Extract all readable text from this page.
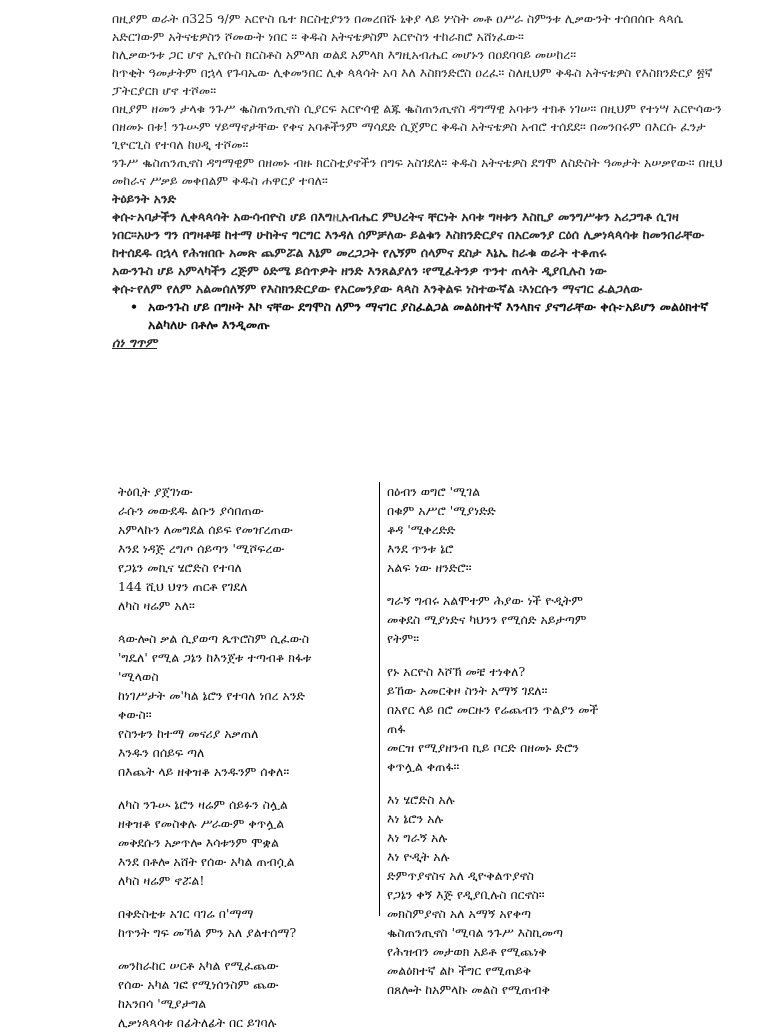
በዚያም ወራት በ325 ዓ/ም አርዮስ ቤተ ክርስቲያንን በመረበሹ ኒቅያ ላይ ሦስት መቶ ዐሥራ ስምንቱ ሊቃውንት ተሰበሰቡ ጳጳሴ አድርገውም አትናቴዎስን ሾመውት ነበር ። ቅዱስ አትናቴዎስም አርዮስን ተከራክሮ አሸነፈው።

ከሊቃውንቱ ጋር ሆኖ ኢየሱስ ክርስቶስ አምላክ ወልደ አምላክ እግዚአብሔር መሆኑን በዐደባባይ መሠከረ።

ከጥቂት ዓመታትም በኋላ የጉባኤው ሊቀመንበር ሊቀ ጳጳሳት አባ እለ እስክንድሮስ ዐረፈ። ስለዚህም ቅዱስ አትናቴዎስ የእስክንድርያ ፳ኛ ፓትርያርክ ሆኖ ተሾመ።

በዚያም ዘመን ታላቁ ንጉሥ ቈስጠንጢኖስ ሲያርፍ አርዮሳዊ ልጁ ቈስጠንጢኖስ ዳግማዊ አባቱን ተክቶ ነገሠ። በዚህም የተነሣ አርዮሳውን በዘመኑ በቱ! ንጉሡም ሃይማኖታቸው የቀና አባቶችንም ማሳደድ ሲጀምር ቅዱስ አትናቴዎስ አብሮ ተሰደደ። በመንበሩም በእርሱ ፈንታ ጊዮርጊስ የተባለ ከሀዲ ተሾመ።

ንጉሥ ቈስጠንጢኖስ ዳግማዊም በዘመኑ ብዙ ክርስቲያኖችን በግፍ አስገደለ። ቅዱስ አትናቴዎስ ደግሞ ለስድስት ዓመታት አሠቃየው። በዚህ መከራና ሥቃይ መቀበልም ቅዱስ ሐዋርያ ተባለ።

ትዕይንት አንድ

ቀሱ፦አባታችን ሊቀጳጳሳት አውሳብዮስ ሆይ በእግዚአብሔር ምህረትና ቸርነት አባቱ ግዛቱን እስኪያ መንግሥቱን አሪጋግቶ ሲገዛ ነበር።አሁን ግን በግዛቶቹ ከተማ ሁከትና ግርግር እንዳለ ሰምቻለው ይልቁን እስክንድርያና በአርመንያ ርዕሰ ሊቃነጳጳሳቱ ከመንበራቸው ከተሰደዱ በኋላ የሕዝበቡ አመጽ ጨምሯል እኔም መረጋጋት የሌኝም ሰላምና ደስታ እኔኤ ከራቁ ወራት ተቆጠሩ

አውንጉስ ሆይ አምላካችን ረጅም ዕድሜ ይሰጥዎት ዘንድ እንጸልያለን ፡የሚፈትንዎ ጥንተ ጠላት ዲያቢሉስ ነው

ቀሱ፦የለም የለም አልመሰለኝም የእስክንድርያው የአርመንያው ጳጳስ እንቅልፍ ነስተውኛል ፡እነርሱን ማናገር ፈልጋለው

• አውንጉስ ሆይ በግዞት እኮ ናቸው ደግሞስ ለምን ማናገር ያስፈልጋል መልዕክተኛ እንላክና ያናግራቸው ቀሱ፦አይሆን መልዕክተኛ አልካለሁ በቶሎ እንዲመጡ

ሰነ ግጥም

ትዕቢት ያጀገነው

ራሱን መውደዱ ልቡን ያሳበጠው

አምላኩን ለመግደል ሰይፍ የመዠረጠው

እንደ ነዳጅ ረግጦ ሰይጣን 'ሚሾፍረው

የጋኔን መኪና ሄሮድስ የተባለ

144 ሺህ ህፃን ጠርቶ የገደለ

ለካስ ዛሬም አለ።

ጳውሎስ ቃል ሲያወጣ ጴጥሮስም ሲፈውስ

'ግዴለ' የሚል ጋኔን ከእንጀቱ ተጣብቆ ክፋቱ

'ሚላወስ

ከነገሥታት መ'ካል ኔሮን የተባለ ነበረ አንድ

ቀውስ።

የስንቱን ከተማ መናሪያ አቃጠለ

እንዱን በሰይፍ ጣለ

በእጨት ላይ ዘቅዝቆ አንዱንም ሰቀለ።

ለካስ ንጉሡ ኔሮን ዛሬም ሰይፉን ስሏል

ዘቅዝቆ የመስቀሉ ሥራውም ቀጥሏል

መቅደሱን አቃጥሎ እሳቱንም ሞቋል

እንደ በቶሎ አሸት የሰው አካል ጠብሷል

ለካስ ዛሬም ኖሯል!

በቅድስቲቱ አገር ባገሬ በ'ማማ

ከጥንት ግፍ መኻል ምን አለ ያልተሰማ?

መንከራከር ሠርቶ አካል የሚፈጨው

የሰው አካል ገፎ የሚነሰንስም ጨው

ከአንበሳ 'ሚያታግል

ሊቃነጳጳሳቱ በፊትለፊት በር ይገባሉ

በዕብን ወግሮ 'ሚገል

በቁም አሥሮ 'ሚያነድድ

ቆዳ 'ሚቀረድድ

እንደ ጥንቱ ኔሮ

አልፍ ነው ዘንድሮ።

ግራኝ ግብሩ አልሞተም ሕያው ነች ዮዲትም

መቅደስ ሚያነድና ካህንን የሚሰድ አይታጣም

የትም።

የኑ አርዮስ እሾኽ መቼ ተነቀለ?

ይኸው አመርቅዞ ስንት አማኝ ገደለ።

በአየር ላይ በሮ መርዙን የሬጨብን ጥልያን መች

ጠፋ

መርዝ የሚያዘንብ ኪይ ቦርድ በዘመኑ ድሮን

ቀጥሏል ቀጠፋ።

እነ ሄሮድስ አሉ

እነ ኔሮን አሉ

እነ ግራኝ አሉ

እነ ዮዲት አሉ

ድምጥያኖስና አለ ዲዮቅልጥያኖስ

የጋኔን ቀኝ እጅ የዲያቢሉስ በርኖስ።

መክስምያኖስ አለ አማኝ አየቀጣ

ቈስጠንጢኖስ 'ሚባል ንጉሥ እስኪመጣ

የሕዝብን መታወክ አይቶ የሚጨነቅ

መልዕክተኛ ልኮ ችግር የሚጠይቅ

በጸሎት ከአምላኩ መልስ የሚጠብቅ
